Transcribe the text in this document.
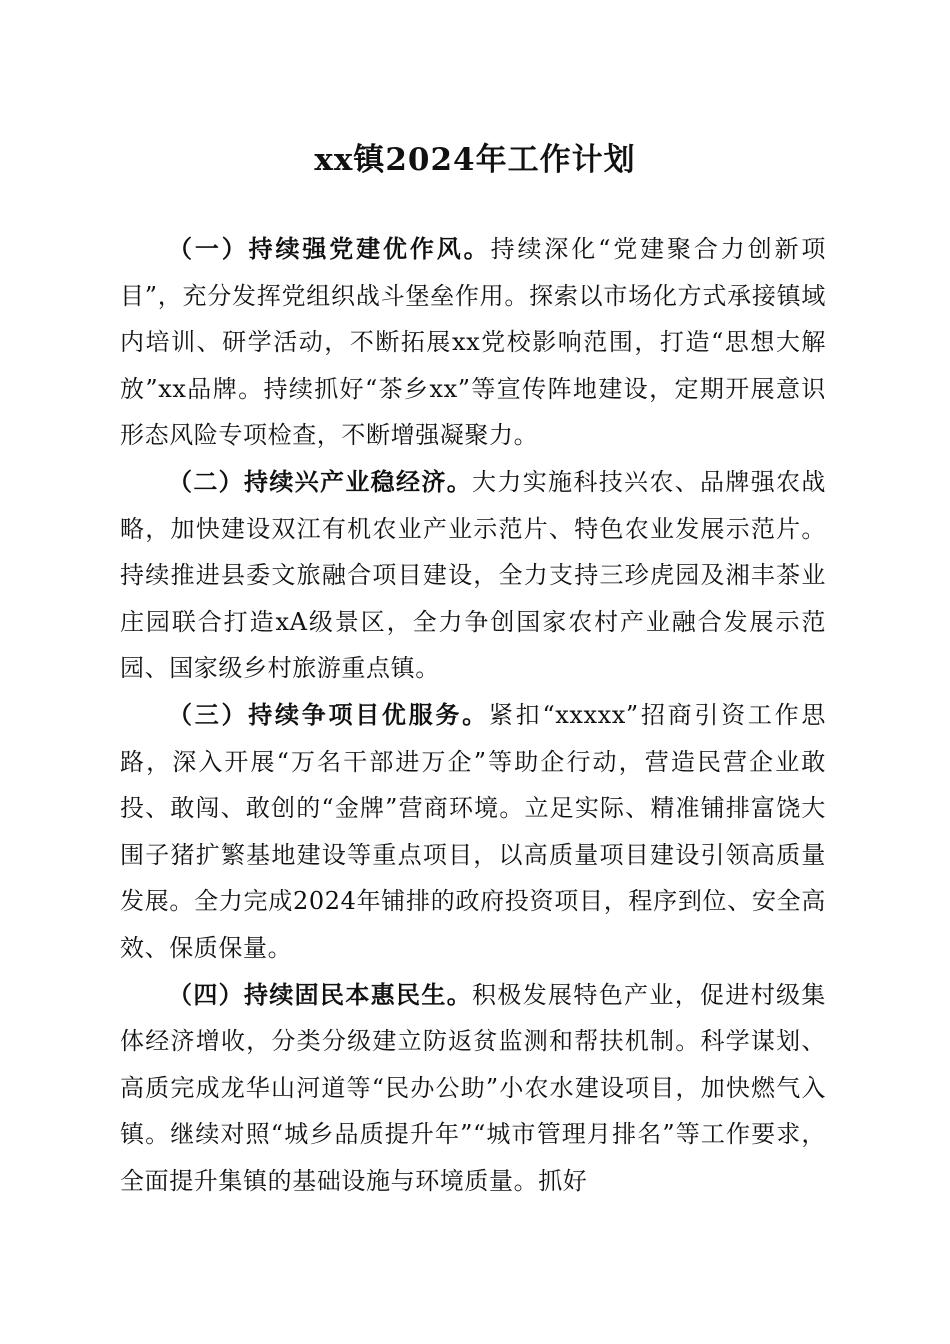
xx镇2024年工作计划

（一）持续强党建优作风。持续深化“党建聚合力创新项目”，充分发挥党组织战斗堡垒作用。探索以市场化方式承接镇域内培训、研学活动，不断拓展xx党校影响范围，打造“思想大解放”xx品牌。持续抓好“茶乡xx”等宣传阵地建设，定期开展意识形态风险专项检查，不断增强凝聚力。

（二）持续兴产业稳经济。大力实施科技兴农、品牌强农战略，加快建设双江有机农业产业示范片、特色农业发展示范片。持续推进县委文旅融合项目建设，全力支持三珍虎园及湘丰茶业庄园联合打造xA级景区，全力争创国家农村产业融合发展示范园、国家级乡村旅游重点镇。

（三）持续争项目优服务。紧扣“xxxxx”招商引资工作思路，深入开展“万名干部进万企”等助企行动，营造民营企业敢投、敢闯、敢创的“金牌”营商环境。立足实际、精准铺排富饶大围子猪扩繁基地建设等重点项目，以高质量项目建设引领高质量发展。全力完成2024年铺排的政府投资项目，程序到位、安全高效、保质保量。

（四）持续固民本惠民生。积极发展特色产业，促进村级集体经济增收，分类分级建立防返贫监测和帮扶机制。科学谋划、高质完成龙华山河道等“民办公助”小农水建设项目，加快燃气入镇。继续对照“城乡品质提升年”“城市管理月排名”等工作要求，全面提升集镇的基础设施与环境质量。抓好
